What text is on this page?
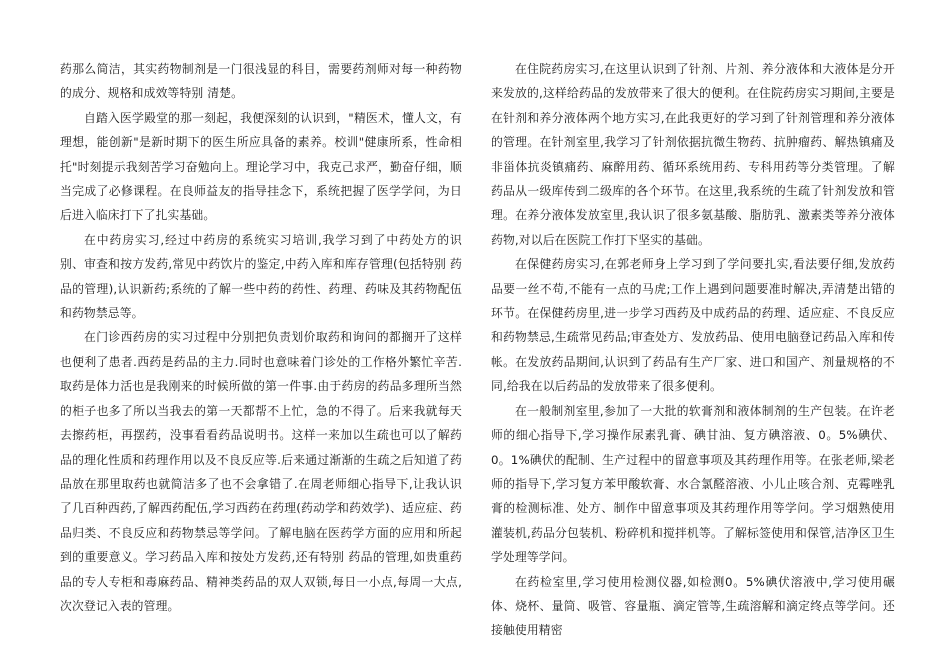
药那么简洁，其实药物制剂是一门很浅显的科目，需要药剂师对每一种药物的成分、规格和成效等特别 清楚。

自踏入医学殿堂的那一刻起，我便深刻的认识到，"精医术，懂人文，有理想，能创新"是新时期下的医生所应具备的素养。校训"健康所系，性命相托"时刻提示我刻苦学习奋勉向上。理论学习中，我克己求严，勤奋仔细，顺当完成了必修课程。在良师益友的指导挂念下，系统把握了医学学问，为日后进入临床打下了扎实基础。

在中药房实习,经过中药房的系统实习培训,我学习到了中药处方的识别、审查和按方发药,常见中药饮片的鉴定,中药入库和库存管理(包括特别 药品的管理),认识新药;系统的了解一些中药的药性、药理、药味及其药物配伍和药物禁忌等。

在门诊西药房的实习过程中分别把负责划价取药和询问的都搁开了这样也便利了患者.西药是药品的主力.同时也意味着门诊处的工作格外繁忙辛苦.取药是体力活也是我刚来的时候所做的第一件事.由于药房的药品多理所当然的柜子也多了所以当我去的第一天都帮不上忙，急的不得了。后来我就每天去擦药柜，再摆药，没事看看药品说明书。这样一来加以生疏也可以了解药品的理化性质和药理作用以及不良反应等.后来通过渐渐的生疏之后知道了药品放在那里取药也就简洁多了也不会拿错了.在周老师细心指导下,让我认识了几百种西药,了解西药配伍,学习西药在药理(药动学和药效学)、适应症、药品归类、不良反应和药物禁忌等学问。了解电脑在医药学方面的应用和所起到的重要意义。学习药品入库和按处方发药,还有特别 药品的管理,如贵重药品的专人专柜和毒麻药品、精神类药品的双人双锁,每日一小点,每周一大点,次次登记入表的管理。

在住院药房实习,在这里认识到了针剂、片剂、养分液体和大液体是分开来发放的,这样给药品的发放带来了很大的便利。在住院药房实习期间,主要是在针剂和养分液体两个地方实习,在此我更好的学习到了针剂管理和养分液体的管理。在针剂室里,我学习了针剂依据抗微生物药、抗肿瘤药、解热镇痛及非甾体抗炎镇痛药、麻醉用药、循环系统用药、专科用药等分类管理。了解药品从一级库传到二级库的各个环节。在这里,我系统的生疏了针剂发放和管理。在养分液体发放室里,我认识了很多氨基酸、脂肪乳、激素类等养分液体药物,对以后在医院工作打下坚实的基础。

在保健药房实习,在郭老师身上学习到了学问要扎实,看法要仔细,发放药品要一丝不苟,不能有一点的马虎;工作上遇到问题要准时解决,弄清楚出错的环节。在保健药房里,进一步学习西药及中成药品的药理、适应症、不良反应和药物禁忌,生疏常见药品;审查处方、发放药品、使用电脑登记药品入库和传帐。在发放药品期间,认识到了药品有生产厂家、进口和国产、剂量规格的不同,给我在以后药品的发放带来了很多便利。

在一般制剂室里,参加了一大批的软膏剂和液体制剂的生产包装。在许老师的细心指导下,学习操作尿素乳膏、碘甘油、复方碘溶液、0。5%碘伏、0。1%碘伏的配制、生产过程中的留意事项及其药理作用等。在张老师,梁老师的指导下,学习复方苯甲酸软膏、水合氯醛溶液、小儿止咳合剂、克霉唑乳膏的检测标准、处方、制作中留意事项及其药理作用等学问。学习烟熟使用灌装机,药品分包装机、粉碎机和搅拌机等。了解标签使用和保管,洁净区卫生学处理等学问。

在药检室里,学习使用检测仪器,如检测0。5%碘伏溶液中,学习使用碾体、烧杯、量筒、吸管、容量瓶、滴定管等,生疏溶解和滴定终点等学问。还接触使用精密
